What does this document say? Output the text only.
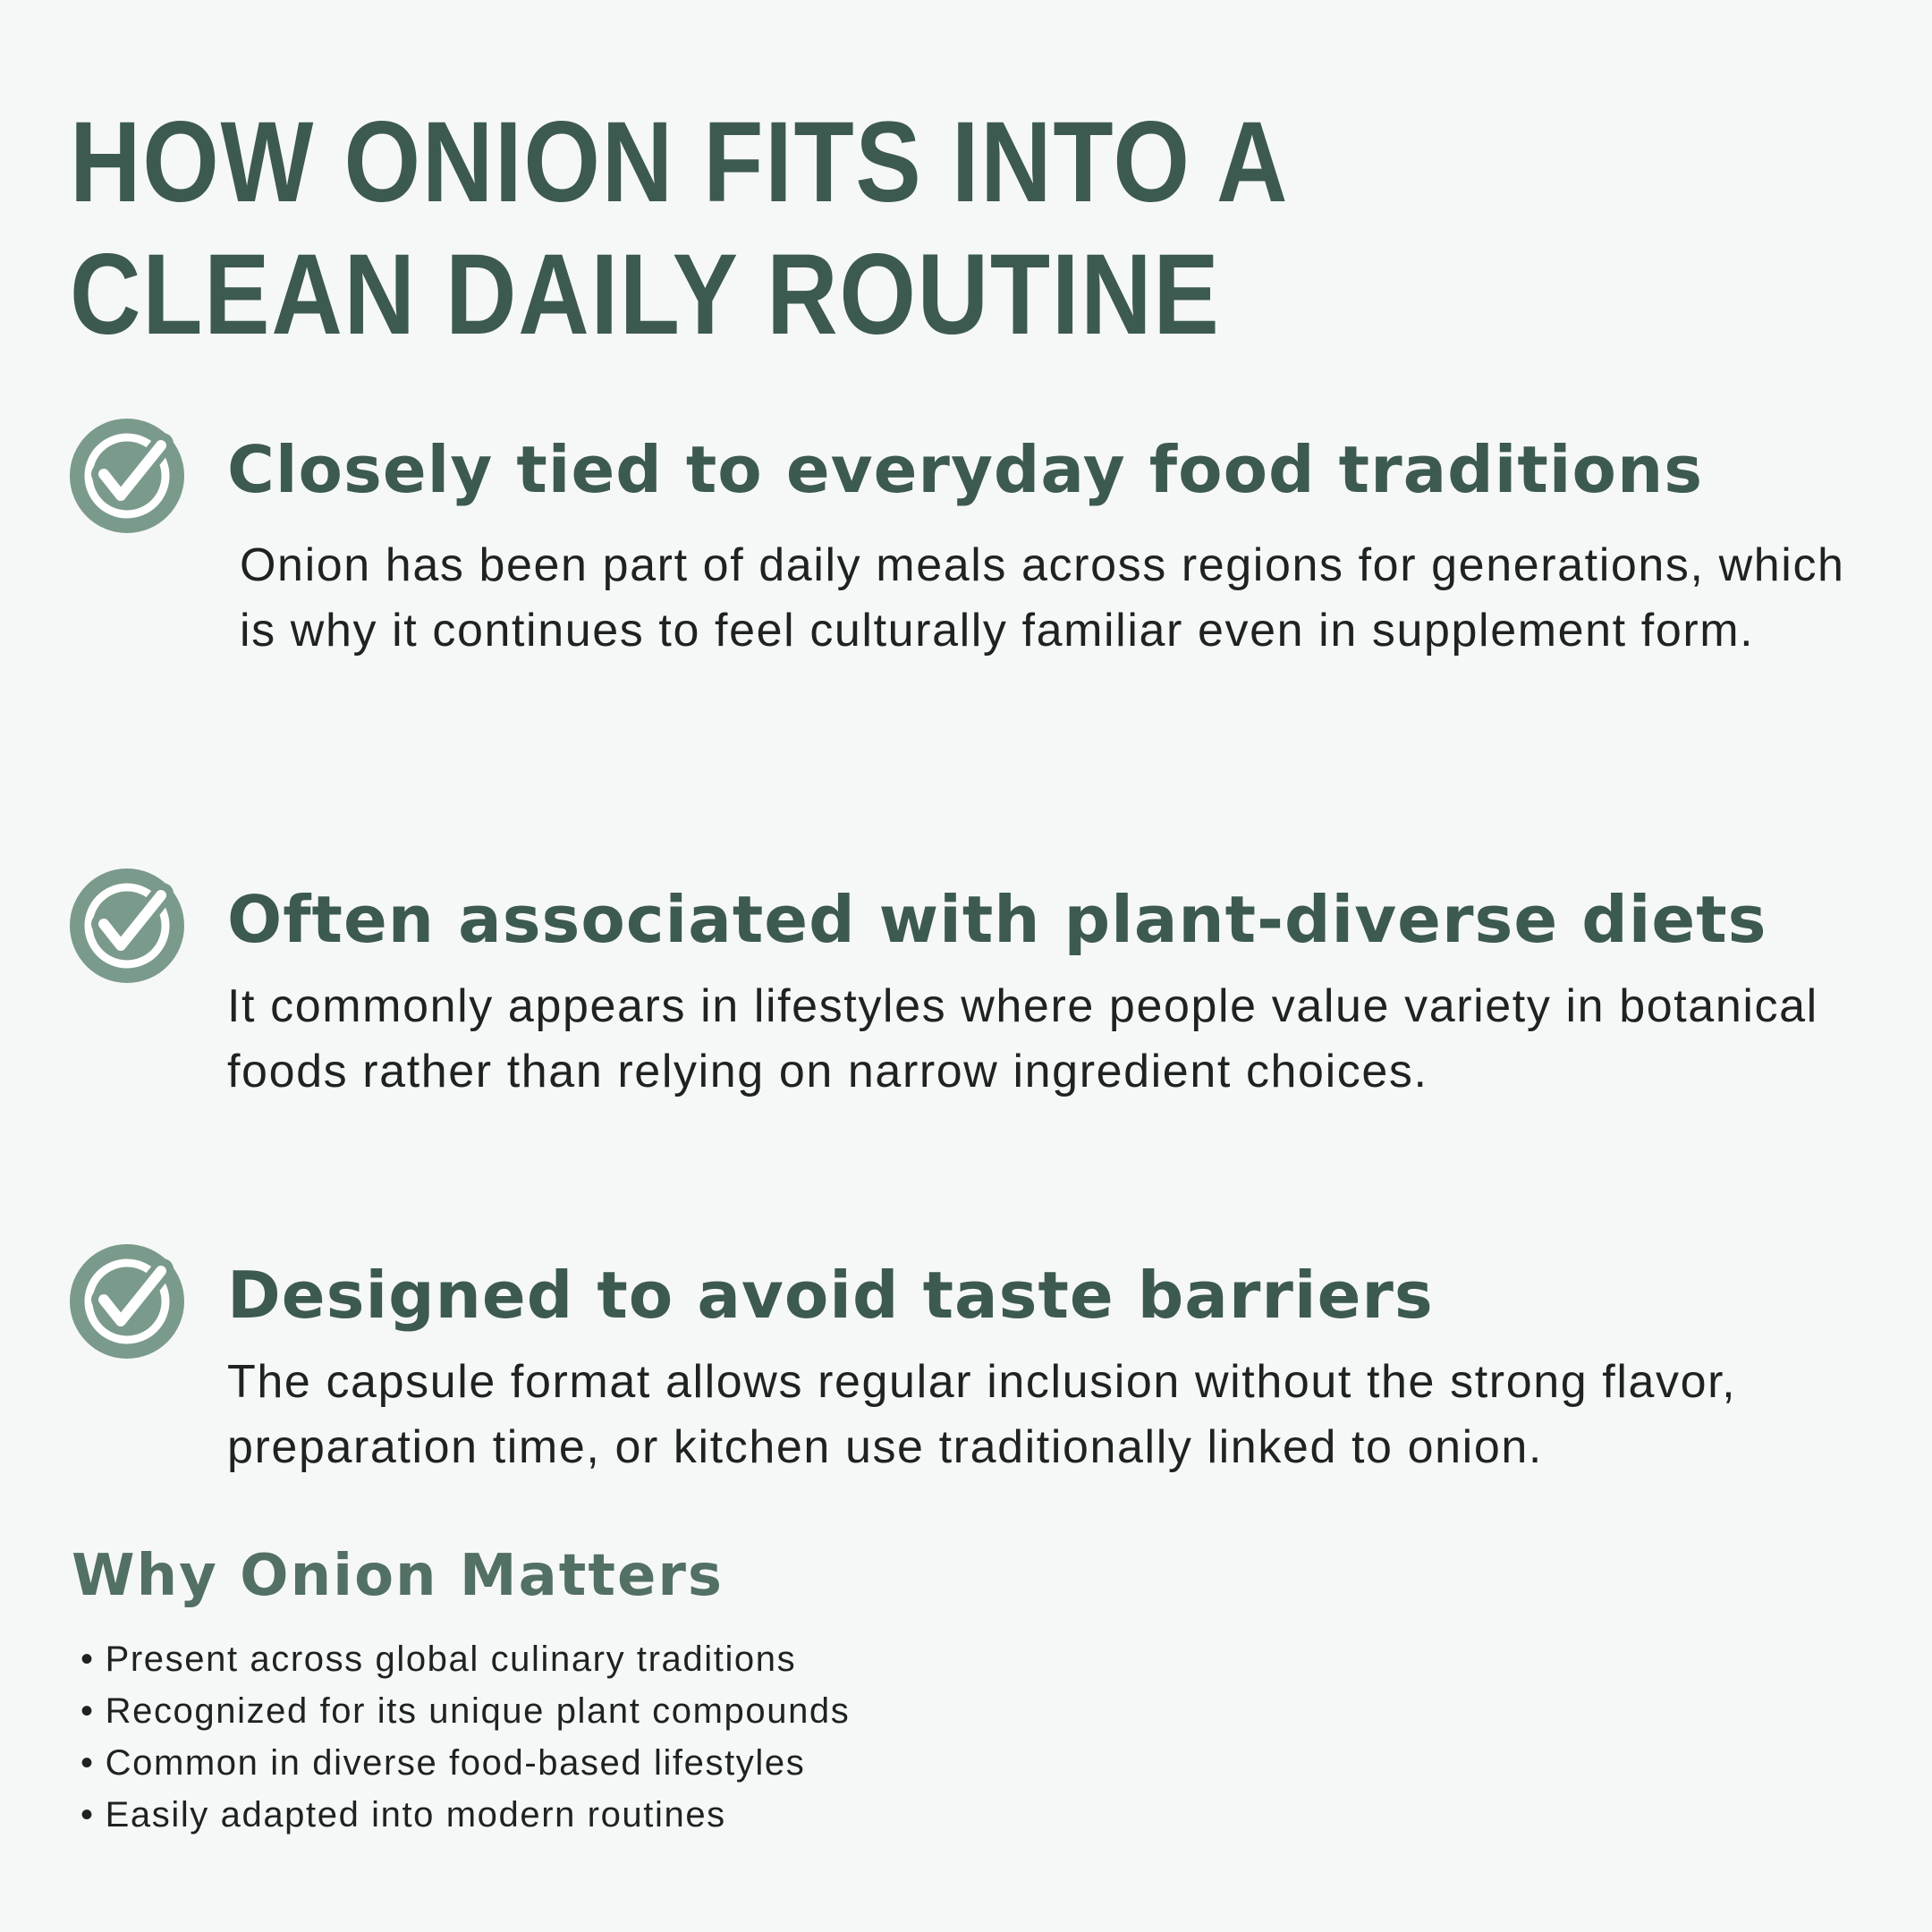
HOW ONION FITS INTO A CLEAN DAILY ROUTINE
Closely tied to everyday food traditions
Onion has been part of daily meals across regions for generations, which is why it continues to feel culturally familiar even in supplement form.
Often associated with plant-diverse diets
It commonly appears in lifestyles where people value variety in botanical foods rather than relying on narrow ingredient choices.
Designed to avoid taste barriers
The capsule format allows regular inclusion without the strong flavor, preparation time, or kitchen use traditionally linked to onion.
Why Onion Matters
• Present across global culinary traditions
• Recognized for its unique plant compounds
• Common in diverse food-based lifestyles
• Easily adapted into modern routines
